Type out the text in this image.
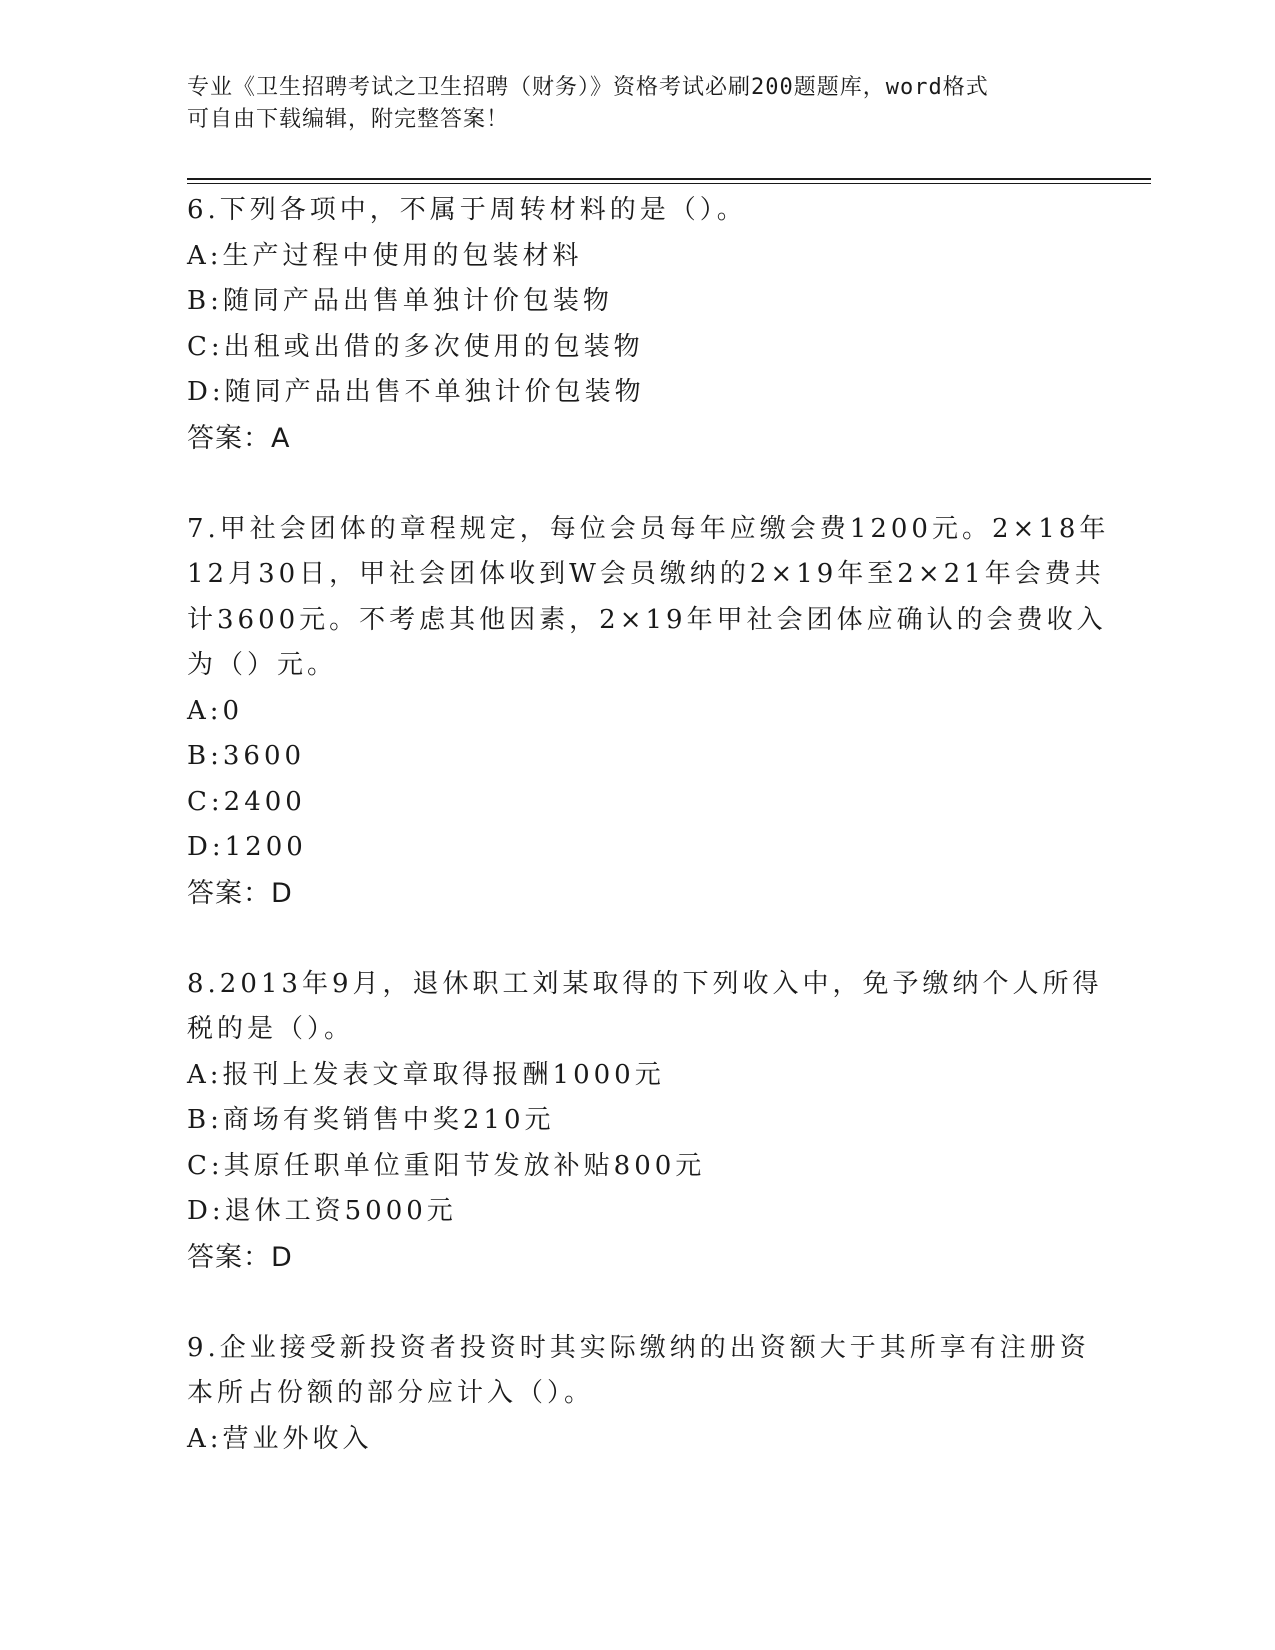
专业《卫生招聘考试之卫生招聘（财务）》资格考试必刷200题题库，word格式
可自由下载编辑，附完整答案！
6.下列各项中，不属于周转材料的是（）。
A:生产过程中使用的包装材料
B:随同产品出售单独计价包装物
C:出租或出借的多次使用的包装物
D:随同产品出售不单独计价包装物
答案：A
7.甲社会团体的章程规定，每位会员每年应缴会费1200元。2×18年
12月30日，甲社会团体收到W会员缴纳的2×19年至2×21年会费共
计3600元。不考虑其他因素，2×19年甲社会团体应确认的会费收入
为（）元。
A:0
B:3600
C:2400
D:1200
答案：D
8.2013年9月，退休职工刘某取得的下列收入中，免予缴纳个人所得
税的是（）。
A:报刊上发表文章取得报酬1000元
B:商场有奖销售中奖210元
C:其原任职单位重阳节发放补贴800元
D:退休工资5000元
答案：D
9.企业接受新投资者投资时其实际缴纳的出资额大于其所享有注册资
本所占份额的部分应计入（）。
A:营业外收入
